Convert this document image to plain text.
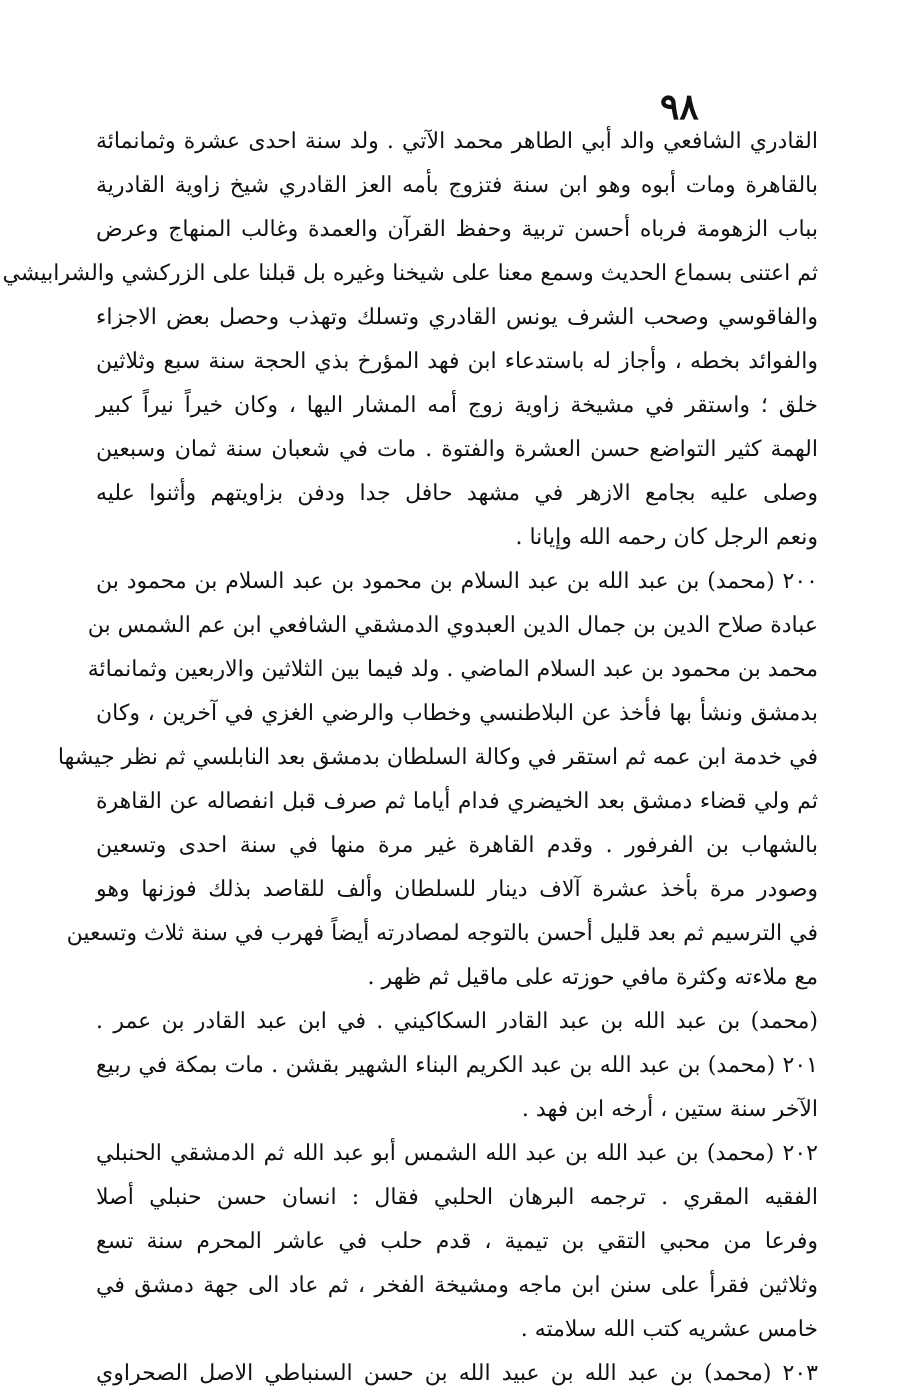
٩٨
القادري الشافعي والد أبي الطاهر محمد الآتي . ولد سنة احدى عشرة وثمانمائة
بالقاهرة ومات أبوه وهو ابن سنة فتزوج بأمه العز القادري شيخ زاوية القادرية
بباب الزهومة فرباه أحسن تربية وحفظ القرآن والعمدة وغالب المنهاج وعرض
ثم اعتنى بسماع الحديث وسمع معنا على شيخنا وغيره بل قبلنا على الزركشي والشرابيشي
والفاقوسي وصحب الشرف يونس القادري وتسلك وتهذب وحصل بعض الاجزاء
والفوائد بخطه ، وأجاز له باستدعاء ابن فهد المؤرخ بذي الحجة سنة سبع وثلاثين
خلق ؛ واستقر في مشيخة زاوية زوج أمه المشار اليها ، وكان خيراً نيراً كبير
الهمة كثير التواضع حسن العشرة والفتوة . مات في شعبان سنة ثمان وسبعين
وصلى عليه بجامع الازهر في مشهد حافل جدا ودفن بزاويتهم وأثنوا عليه
ونعم الرجل كان رحمه الله وإيانا .
٢٠٠ (محمد) بن عبد الله بن عبد السلام بن محمود بن عبد السلام بن محمود بن
عبادة صلاح الدين بن جمال الدين العبدوي الدمشقي الشافعي ابن عم الشمس بن
محمد بن محمود بن عبد السلام الماضي . ولد فيما بين الثلاثين والاربعين وثمانمائة
بدمشق ونشأ بها فأخذ عن البلاطنسي وخطاب والرضي الغزي في آخرين ، وكان
في خدمة ابن عمه ثم استقر في وكالة السلطان بدمشق بعد النابلسي ثم نظر جيشها
ثم ولي قضاء دمشق بعد الخيضري فدام أياما ثم صرف قبل انفصاله عن القاهرة
بالشهاب بن الفرفور . وقدم القاهرة غير مرة منها في سنة احدى وتسعين
وصودر مرة بأخذ عشرة آلاف دينار للسلطان وألف للقاصد بذلك فوزنها وهو
في الترسيم ثم بعد قليل أحسن بالتوجه لمصادرته أيضاً فهرب في سنة ثلاث وتسعين
مع ملاءته وكثرة مافي حوزته على ماقيل ثم ظهر .
(محمد) بن عبد الله بن عبد القادر السكاكيني . في ابن عبد القادر بن عمر .
٢٠١ (محمد) بن عبد الله بن عبد الكريم البناء الشهير بقشن . مات بمكة في ربيع
الآخر سنة ستين ، أرخه ابن فهد .
٢٠٢ (محمد) بن عبد الله بن عبد الله الشمس أبو عبد الله ثم الدمشقي الحنبلي
الفقيه المقري . ترجمه البرهان الحلبي فقال : انسان حسن حنبلي أصلا
وفرعا من محبي التقي بن تيمية ، قدم حلب في عاشر المحرم سنة تسع
وثلاثين فقرأ على سنن ابن ماجه ومشيخة الفخر ، ثم عاد الى جهة دمشق في
خامس عشريه كتب الله سلامته .
٢٠٣ (محمد) بن عبد الله بن عبيد الله بن حسن السنباطي الاصل الصحراوي
